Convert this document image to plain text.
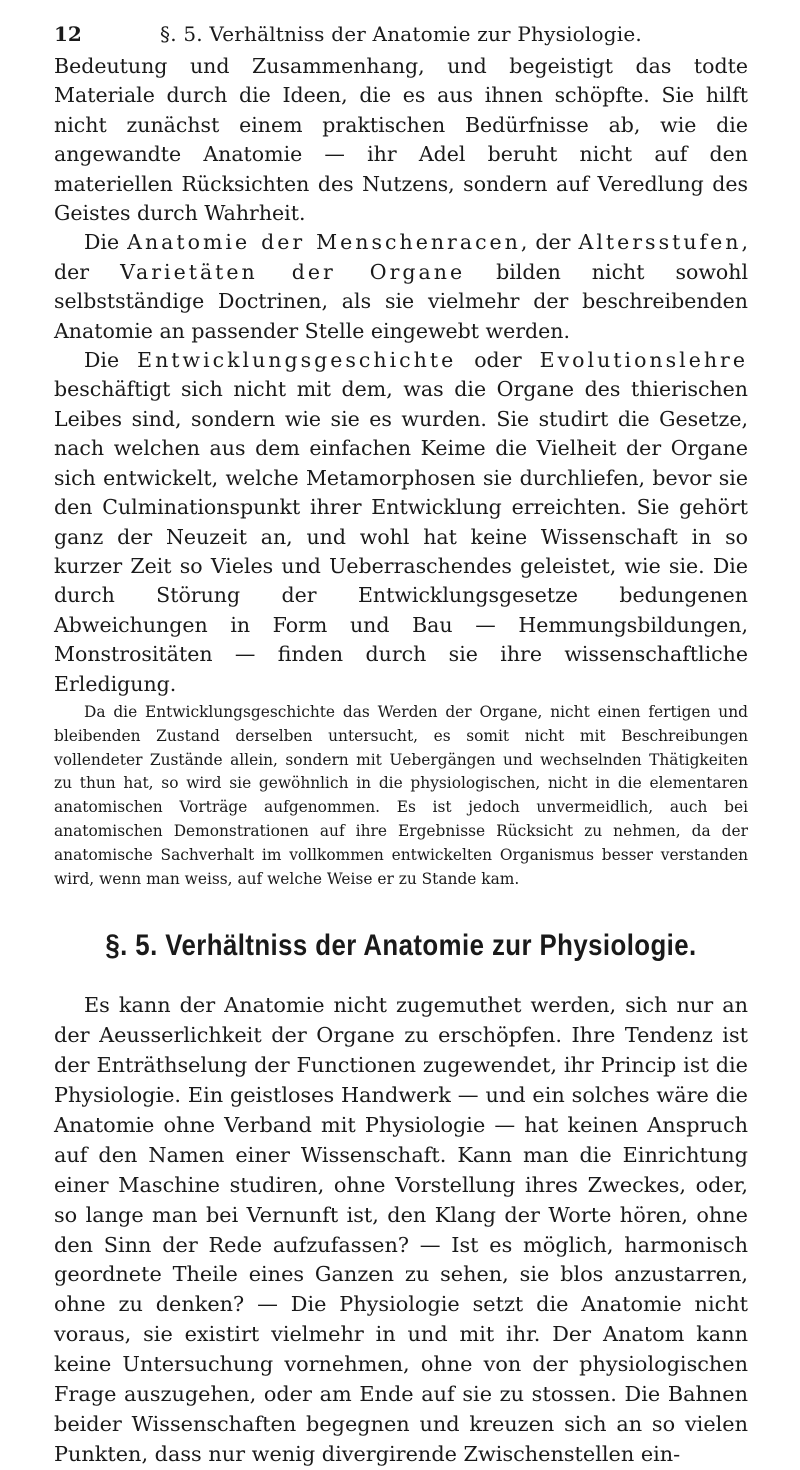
12	§. 5. Verhältniss der Anatomie zur Physiologie.

Bedeutung und Zusammenhang, und begeistigt das todte Materiale durch die Ideen, die es aus ihnen schöpfte. Sie hilft nicht zunächst einem praktischen Bedürfnisse ab, wie die angewandte Anatomie — ihr Adel beruht nicht auf den materiellen Rücksichten des Nutzens, sondern auf Veredlung des Geistes durch Wahrheit.

Die Anatomie der Menschenracen, der Altersstufen, der Varietäten der Organe bilden nicht sowohl selbstständige Doctrinen, als sie vielmehr der beschreibenden Anatomie an passender Stelle eingewebt werden.

Die Entwicklungsgeschichte oder Evolutionslehre beschäftigt sich nicht mit dem, was die Organe des thierischen Leibes sind, sondern wie sie es wurden. Sie studirt die Gesetze, nach welchen aus dem einfachen Keime die Vielheit der Organe sich entwickelt, welche Metamorphosen sie durchliefen, bevor sie den Culminationspunkt ihrer Entwicklung erreichten. Sie gehört ganz der Neuzeit an, und wohl hat keine Wissenschaft in so kurzer Zeit so Vieles und Ueberraschendes geleistet, wie sie. Die durch Störung der Entwicklungsgesetze bedungenen Abweichungen in Form und Bau — Hemmungsbildungen, Monstrositäten — finden durch sie ihre wissenschaftliche Erledigung.

Da die Entwicklungsgeschichte das Werden der Organe, nicht einen fertigen und bleibenden Zustand derselben untersucht, es somit nicht mit Beschreibungen vollendeter Zustände allein, sondern mit Uebergängen und wechselnden Thätigkeiten zu thun hat, so wird sie gewöhnlich in die physiologischen, nicht in die elementaren anatomischen Vorträge aufgenommen. Es ist jedoch unvermeidlich, auch bei anatomischen Demonstrationen auf ihre Ergebnisse Rücksicht zu nehmen, da der anatomische Sachverhalt im vollkommen entwickelten Organismus besser verstanden wird, wenn man weiss, auf welche Weise er zu Stande kam.

§. 5. Verhältniss der Anatomie zur Physiologie.

Es kann der Anatomie nicht zugemuthet werden, sich nur an der Aeusserlichkeit der Organe zu erschöpfen. Ihre Tendenz ist der Enträthselung der Functionen zugewendet, ihr Princip ist die Physiologie. Ein geistloses Handwerk — und ein solches wäre die Anatomie ohne Verband mit Physiologie — hat keinen Anspruch auf den Namen einer Wissenschaft. Kann man die Einrichtung einer Maschine studiren, ohne Vorstellung ihres Zweckes, oder, so lange man bei Vernunft ist, den Klang der Worte hören, ohne den Sinn der Rede aufzufassen? — Ist es möglich, harmonisch geordnete Theile eines Ganzen zu sehen, sie blos anzustarren, ohne zu denken? — Die Physiologie setzt die Anatomie nicht voraus, sie existirt vielmehr in und mit ihr. Der Anatom kann keine Untersuchung vornehmen, ohne von der physiologischen Frage auszugehen, oder am Ende auf sie zu stossen. Die Bahnen beider Wissenschaften begegnen und kreuzen sich an so vielen Punkten, dass nur wenig divergirende Zwischenstellen ein-
